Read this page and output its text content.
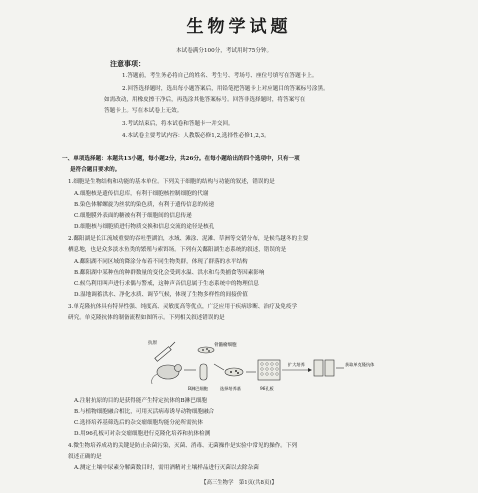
生物学试题
本试卷满分100分，考试用时75分钟。
注意事项：
1.答题前，考生务必将自己的姓名、考生号、考场号、座位号填写在答题卡上。
2.回答选择题时，选出每小题答案后，用铅笔把答题卡上对应题目的答案标号涂黑。
如需改动，用橡皮擦干净后，再选涂其他答案标号。回答非选择题时，将答案写在
答题卡上。写在本试卷上无效。
3.考试结束后，将本试卷和答题卡一并交回。
4.本试卷主要考试内容：人教版必修1,2,选择性必修1,2,3。
一、单项选择题：本题共13小题，每小题2分，共26分。在每小题给出的四个选项中，只有一项
是符合题目要求的。
1.细胞是生物结构和功能的基本单位。下列关于细胞的结构与功能的叙述，错误的是
A.细胞核是遗传信息库，有利于细胞核控制细胞的代谢
B.染色体解螺旋为丝状的染色质，有利于遗传信息的传递
C.细胞膜外表面的糖被有利于细胞间的信息传递
D.细胞核与细胞质进行物质交换和信息交流的途径是核孔
2.鄱阳湖是长江流域重要的吞吐型湖泊，水域、滩涂、泥滩、草洲等交错分布，是候鸟越冬的主要
栖息地，也是众多淡水鱼类的繁殖与索饵场。下列有关鄱阳湖生态系统的叙述，错误的是
A.鄱阳湖不同区域的降涂分布着不同生物类群，体现了群落的水平结构
B.鄱阳湖中某种鱼的种群数量的变化会受到水温、洪水和鸟类捕食等因素影响
C.候鸟利用叫声进行求偶与警戒，这种声音信息属于生态系统中的物理信息
D.湿地调蓄洪水、净化水质、调节气候，体现了生物多样性的间接价值
3.单克隆抗体具有特异性强、纯度高、灵敏度高等优点，广泛应用于疾病诊断、治疗及免疫学
研究。单克隆抗体的制备流程如图所示。下列相关叙述错误的是
抗原	骨髓瘤细胞
B淋巴细胞	选择培养基	96孔板
扩大培养	获取单克隆抗体
A.注射抗原的目的是获得能产生特定抗体的B淋巴细胞
B.与植物细胞融合相比，可用灭活病毒诱导动物细胞融合
C.选择培养基筛选后的杂交瘤细胞均能分泌所需抗体
D.用96孔板可对杂交瘤细胞进行克隆化培养和抗体检测
4.微生物培养成功的关键是防止杂菌污染，灭菌、消毒、无菌操作是实验中常见的操作。下列
叙述正确的是
A.测定土壤中尿素分解菌数目时，需用酒精对土壤样品进行灭菌以去除杂菌
【高三生物学　第1页(共8页)】
